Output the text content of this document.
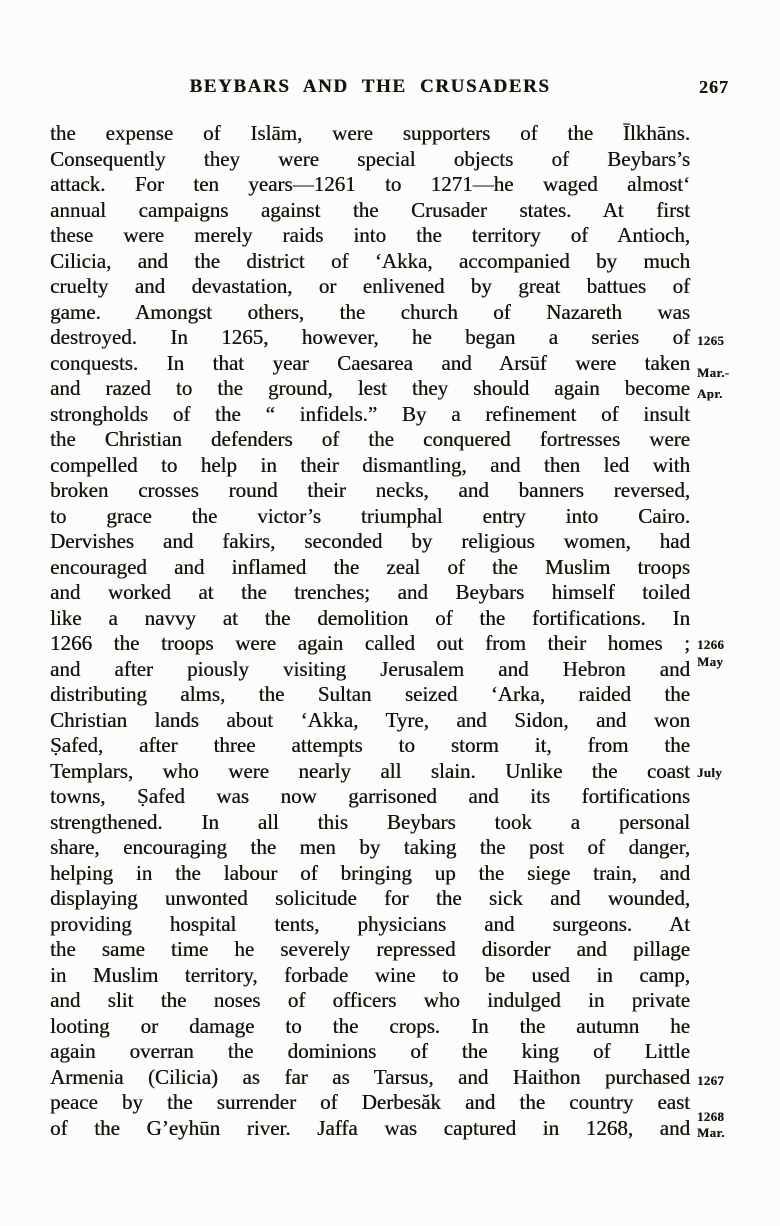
BEYBARS AND THE CRUSADERS	267
the expense of Islām, were supporters of the Īlkhāns.
Consequently they were special objects of Beybars’s
attack. For ten years—1261 to 1271—he waged almost‘
annual campaigns against the Crusader states. At first
these were merely raids into the territory of Antioch,
Cilicia, and the district of ‘Akka, accompanied by much
cruelty and devastation, or enlivened by great battues of
game. Amongst others, the church of Nazareth was
destroyed. In 1265, however, he began a series of
conquests. In that year Caesarea and Arsūf were taken
and razed to the ground, lest they should again become
strongholds of the “ infidels.” By a refinement of insult
the Christian defenders of the conquered fortresses were
compelled to help in their dismantling, and then led with
broken crosses round their necks, and banners reversed,
to grace the victor’s triumphal entry into Cairo.
Dervishes and fakirs, seconded by religious women, had
encouraged and inflamed the zeal of the Muslim troops
and worked at the trenches; and Beybars himself toiled
like a navvy at the demolition of the fortifications. In
1266 the troops were again called out from their homes ;
and after piously visiting Jerusalem and Hebron and
distributing alms, the Sultan seized ‘Arka, raided the
Christian lands about ‘Akka, Tyre, and Sidon, and won
Ṣafed, after three attempts to storm it, from the
Templars, who were nearly all slain. Unlike the coast
towns, Ṣafed was now garrisoned and its fortifications
strengthened. In all this Beybars took a personal
share, encouraging the men by taking the post of danger,
helping in the labour of bringing up the siege train, and
displaying unwonted solicitude for the sick and wounded,
providing hospital tents, physicians and surgeons. At
the same time he severely repressed disorder and pillage
in Muslim territory, forbade wine to be used in camp,
and slit the noses of officers who indulged in private
looting or damage to the crops. In the autumn he
again overran the dominions of the king of Little
Armenia (Cilicia) as far as Tarsus, and Haithon purchased
peace by the surrender of Derbesăk and the country east
of the G’eyhūn river. Jaffa was captured in 1268, and
1265
Mar.-
Apr.
1266
May
July
1267
1268
Mar.
